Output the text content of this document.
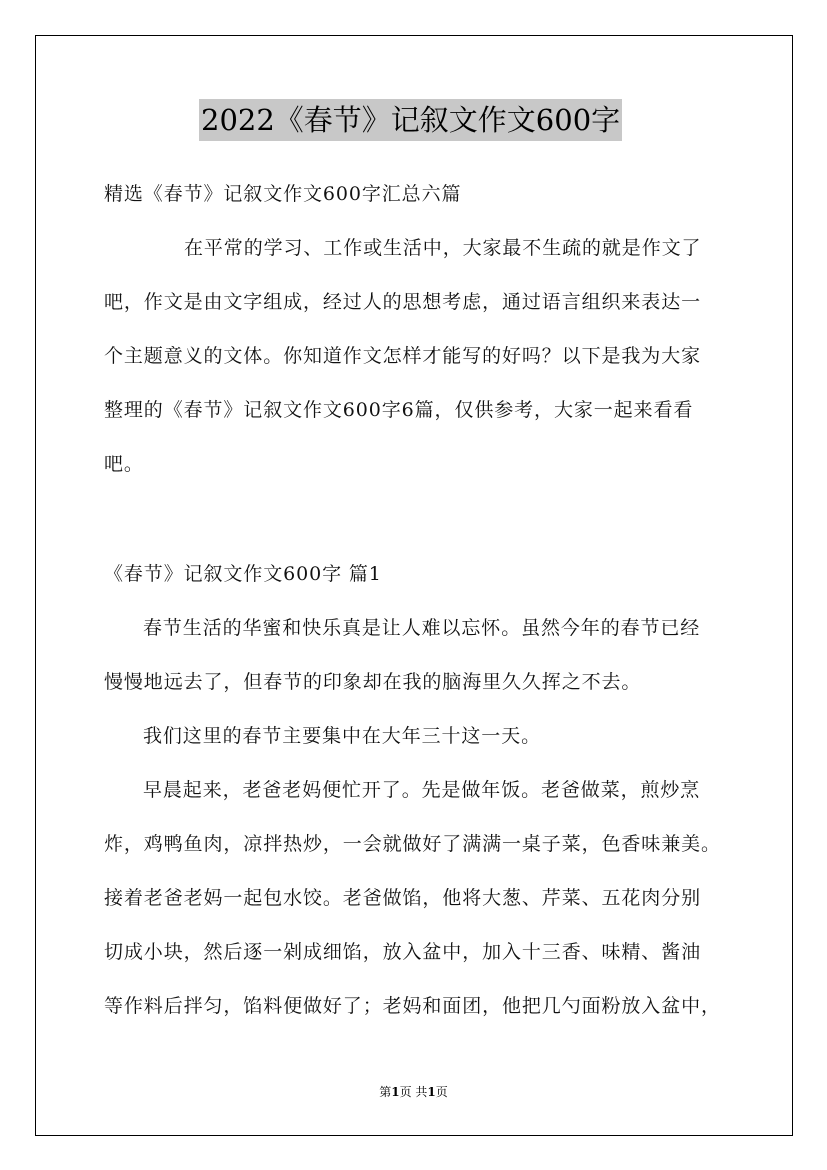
2022《春节》记叙文作文600字
精选《春节》记叙文作文600字汇总六篇
在平常的学习、工作或生活中，大家最不生疏的就是作文了
吧，作文是由文字组成，经过人的思想考虑，通过语言组织来表达一
个主题意义的文体。你知道作文怎样才能写的好吗？以下是我为大家
整理的《春节》记叙文作文600字6篇，仅供参考，大家一起来看看
吧。
《春节》记叙文作文600字 篇1
春节生活的华蜜和快乐真是让人难以忘怀。虽然今年的春节已经
慢慢地远去了，但春节的印象却在我的脑海里久久挥之不去。
我们这里的春节主要集中在大年三十这一天。
早晨起来，老爸老妈便忙开了。先是做年饭。老爸做菜，煎炒烹
炸，鸡鸭鱼肉，凉拌热炒，一会就做好了满满一桌子菜，色香味兼美。
接着老爸老妈一起包水饺。老爸做馅，他将大葱、芹菜、五花肉分别
切成小块，然后逐一剁成细馅，放入盆中，加入十三香、味精、酱油
等作料后拌匀，馅料便做好了；老妈和面团，他把几勺面粉放入盆中，
第1页 共1页
